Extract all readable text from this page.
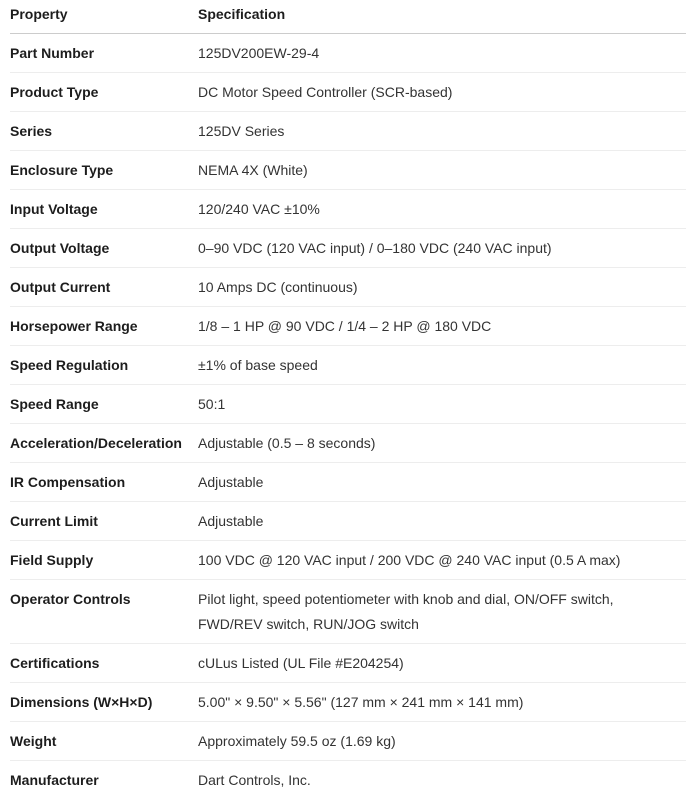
Property	Specification
Part Number	125DV200EW-29-4
Product Type	DC Motor Speed Controller (SCR-based)
Series	125DV Series
Enclosure Type	NEMA 4X (White)
Input Voltage	120/240 VAC ±10%
Output Voltage	0–90 VDC (120 VAC input) / 0–180 VDC (240 VAC input)
Output Current	10 Amps DC (continuous)
Horsepower Range	1/8 – 1 HP @ 90 VDC / 1/4 – 2 HP @ 180 VDC
Speed Regulation	±1% of base speed
Speed Range	50:1
Acceleration/Deceleration	Adjustable (0.5 – 8 seconds)
IR Compensation	Adjustable
Current Limit	Adjustable
Field Supply	100 VDC @ 120 VAC input / 200 VDC @ 240 VAC input (0.5 A max)
Operator Controls	Pilot light, speed potentiometer with knob and dial, ON/OFF switch, FWD/REV switch, RUN/JOG switch
Certifications	cULus Listed (UL File #E204254)
Dimensions (W×H×D)	5.00" × 9.50" × 5.56" (127 mm × 241 mm × 141 mm)
Weight	Approximately 59.5 oz (1.69 kg)
Manufacturer	Dart Controls, Inc.
